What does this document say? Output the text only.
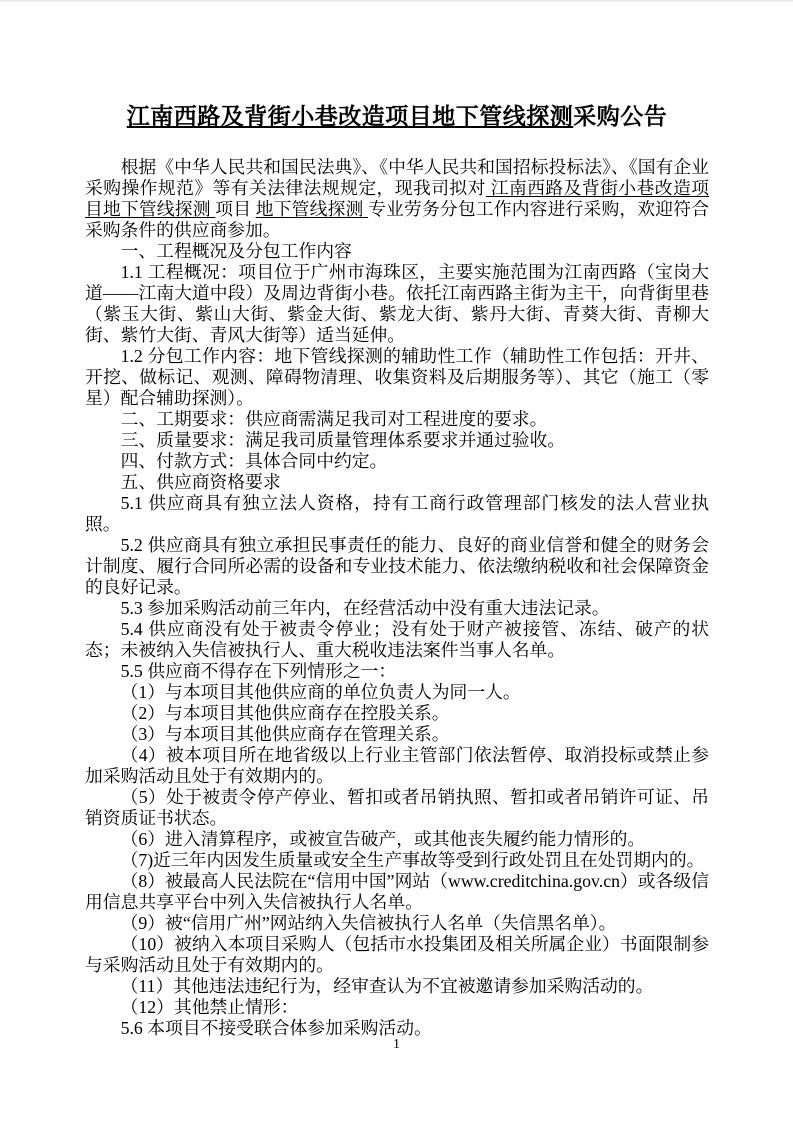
江南西路及背街小巷改造项目地下管线探测采购公告

根据《中华人民共和国民法典》、《中华人民共和国招标投标法》、《国有企业采购操作规范》等有关法律法规规定，现我司拟对 江南西路及背街小巷改造项目地下管线探测 项目 地下管线探测 专业劳务分包工作内容进行采购，欢迎符合采购条件的供应商参加。

一、工程概况及分包工作内容

1.1 工程概况：项目位于广州市海珠区，主要实施范围为江南西路（宝岗大道——江南大道中段）及周边背街小巷。依托江南西路主街为主干，向背街里巷（紫玉大街、紫山大街、紫金大街、紫龙大街、紫丹大街、青葵大街、青柳大街、紫竹大街、青风大街等）适当延伸。

1.2 分包工作内容：地下管线探测的辅助性工作（辅助性工作包括：开井、开挖、做标记、观测、障碍物清理、收集资料及后期服务等）、其它（施工（零星）配合辅助探测）。

二、工期要求：供应商需满足我司对工程进度的要求。

三、质量要求：满足我司质量管理体系要求并通过验收。

四、付款方式：具体合同中约定。

五、供应商资格要求

5.1 供应商具有独立法人资格，持有工商行政管理部门核发的法人营业执照。

5.2 供应商具有独立承担民事责任的能力、良好的商业信誉和健全的财务会计制度、履行合同所必需的设备和专业技术能力、依法缴纳税收和社会保障资金的良好记录。

5.3 参加采购活动前三年内，在经营活动中没有重大违法记录。

5.4 供应商没有处于被责令停业；没有处于财产被接管、冻结、破产的状态；未被纳入失信被执行人、重大税收违法案件当事人名单。

5.5 供应商不得存在下列情形之一：

（1）与本项目其他供应商的单位负责人为同一人。

（2）与本项目其他供应商存在控股关系。

（3）与本项目其他供应商存在管理关系。

（4）被本项目所在地省级以上行业主管部门依法暂停、取消投标或禁止参加采购活动且处于有效期内的。

（5）处于被责令停产停业、暂扣或者吊销执照、暂扣或者吊销许可证、吊销资质证书状态。

（6）进入清算程序，或被宣告破产，或其他丧失履约能力情形的。

（7)近三年内因发生质量或安全生产事故等受到行政处罚且在处罚期内的。

（8）被最高人民法院在“信用中国”网站（www.creditchina.gov.cn）或各级信用信息共享平台中列入失信被执行人名单。

（9）被“信用广州”网站纳入失信被执行人名单（失信黑名单）。

（10）被纳入本项目采购人（包括市水投集团及相关所属企业）书面限制参与采购活动且处于有效期内的。

（11）其他违法违纪行为，经审查认为不宜被邀请参加采购活动的。

（12）其他禁止情形：

5.6 本项目不接受联合体参加采购活动。

1
